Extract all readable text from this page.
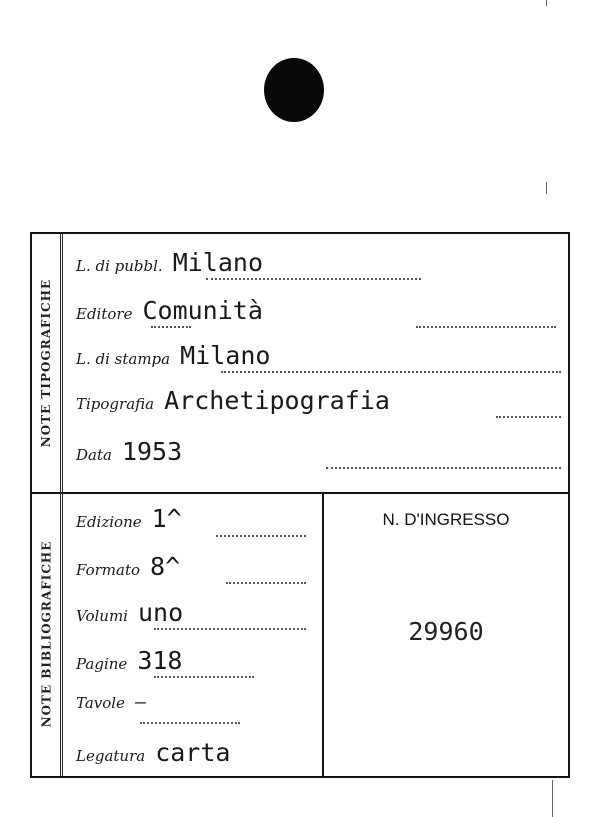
NOTE TIPOGRAFICHE
L. di pubbl. Milano
Editore Comunità
L. di stampa Milano
Tipografia Archetipografia
Data 1953
NOTE BIBLIOGRAFICHE
Edizione 1^
Formato 8^
Volumi uno
Pagine 318
Tavole —
Legatura carta
N. D'INGRESSO
29960
